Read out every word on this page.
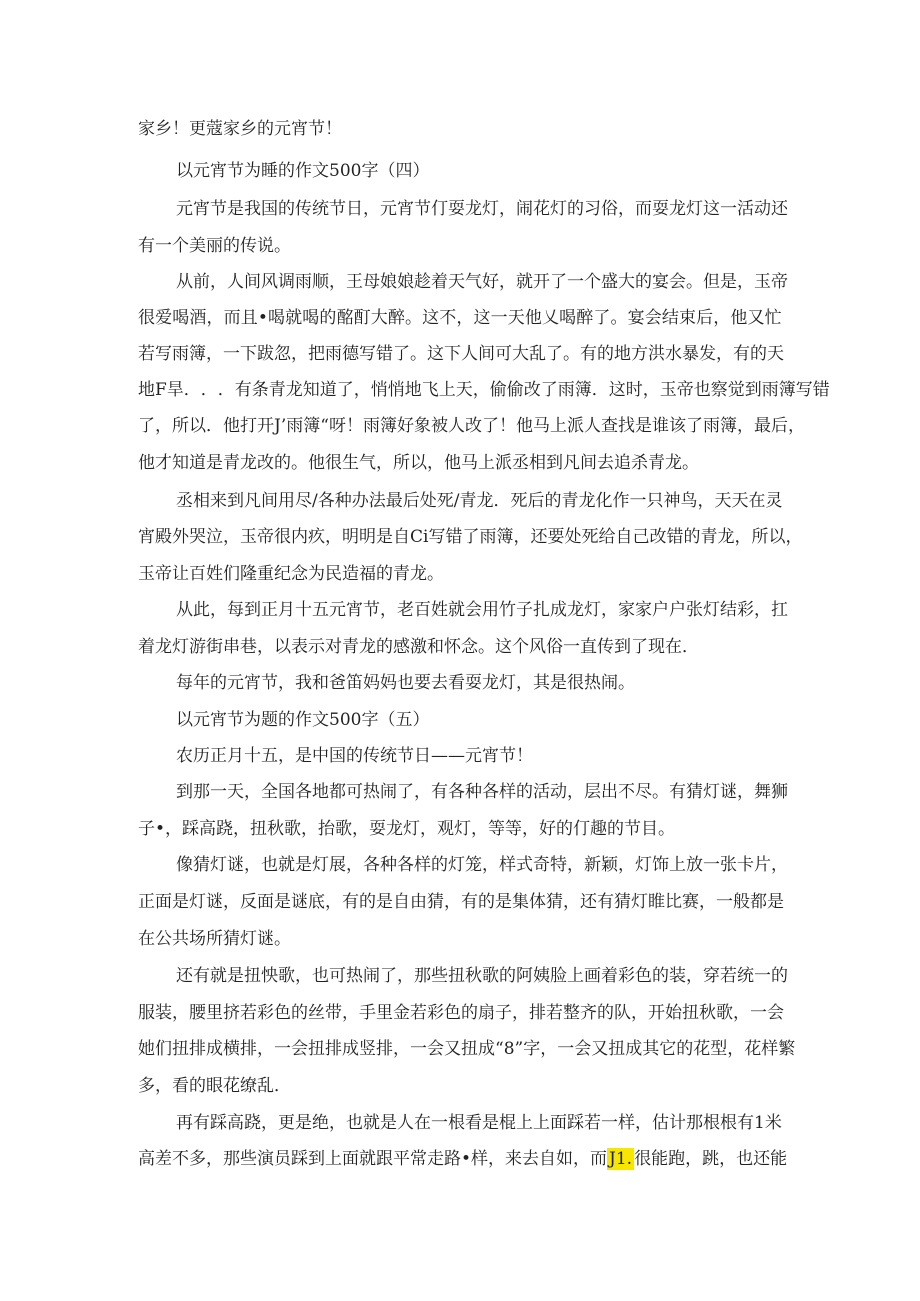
家乡！更蔻家乡的元宵节！
以元宵节为睡的作文500字（四）
元 宵 节 是 我 国 的 传 统 节 日 ， 元 宵 节 仃 耍 龙 灯 ， 闹 花 灯 的 习 俗 ， 而 耍 龙 灯 这 一 活 动 还
有一个美丽的传说。
从 前 ， 人 间 风 调 雨 顺 ， 王 母 娘 娘 趁 着 天 气 好 ， 就 开 了 一 个 盛 大 的 宴 会 。 但 是 ， 玉 帝
很 爱 喝 酒 ， 而 且 • 喝 就 喝 的 酩 酊 大 醉 。 这 不 ， 这 一 天 他 乂 喝 醉 了 。 宴 会 结 束 后 ， 他 又 忙
若 写 雨 簿 ， 一 下 跋 忽 ， 把 雨 德 写 错 了 。 这 下 人 间 可 大 乱 了 。 有 的 地 方 洪 水 暴 发 ， 有 的 天
地 F 旱 ． ． ． 有 条 青 龙 知 道 了 ， 悄 悄 地 飞 上 天 ， 偷 偷 改 了 雨 簿 ． 这 时 ， 玉 帝 也 察 觉 到 雨 簿 写 错
了 ， 所 以 ． 他 打 开 J ’ 雨 簿 “ 呀 ！ 雨 簿 好 象 被 人 改 了 ！ 他 马 上 派 人 查 找 是 谁 该 了 雨 簿 ， 最 后 ，
他才知道是青龙改的。他很生气，所以，他马上派丞相到凡间去追杀青龙。
丞 相 来 到 凡 间 用 尽 / 各 种 办 法 最 后 处 死 / 青 龙 ． 死 后 的 青 龙 化 作 一 只 神 鸟 ， 天 天 在 灵
宵 殿 外 哭 泣 ， 玉 帝 很 内 疚 ， 明 明 是 自 C i 写 错 了 雨 簿 ， 还 要 处 死 给 自 己 改 错 的 青 龙 ， 所 以 ，
玉帝让百姓们隆重纪念为民造福的青龙。
从 此 ， 每 到 正 月 十 五 元 宵 节 ， 老 百 姓 就 会 用 竹 子 扎 成 龙 灯 ， 家 家 户 户 张 灯 结 彩 ， 扛
着龙灯游街串巷，以表示对青龙的感激和怀念。这个风俗一直传到了现在．
每年的元宵节，我和爸笛妈妈也要去看耍龙灯，其是很热闹。
以元宵节为题的作文500字（五）
农历正月十五，是中国的传统节日——元宵节！
到 那 一 天 ， 全 国 各 地 都 可 热 闹 了 ， 有 各 种 各 样 的 活 动 ， 层 出 不 尽 。 有 猜 灯 谜 ， 舞 狮
子•，踩高跷，扭秋歌，抬歌，耍龙灯，观灯，等等，好的仃趣的节目。
像 猜 灯 谜 ， 也 就 是 灯 展 ， 各 种 各 样 的 灯 笼 ， 样 式 奇 特 ， 新 颖 ， 灯 饰 上 放 一 张 卡 片 ，
正 面 是 灯 谜 ， 反 面 是 谜 底 ， 有 的 是 自 由 猜 ， 有 的 是 集 体 猜 ， 还 有 猜 灯 睢 比 赛 ， 一 般 都 是
在公共场所猜灯谜。
还 有 就 是 扭 怏 歌 ， 也 可 热 闹 了 ， 那 些 扭 秋 歌 的 阿 姨 脸 上 画 着 彩 色 的 装 ， 穿 若 统 一 的
服 装 ， 腰 里 挤 若 彩 色 的 丝 带 ， 手 里 金 若 彩 色 的 扇 子 ， 排 若 整 齐 的 队 ， 开 始 扭 秋 歌 ， 一 会
她 们 扭 排 成 横 排 ， 一 会 扭 排 成 竖 排 ， 一 会 又 扭 成 “ 8 ” 字 ， 一 会 又 扭 成 其 它 的 花 型 ， 花 样 繁
多，看的眼花缭乱．
再 有 踩 高 跷 ， 更 是 绝 ， 也 就 是 人 在 一 根 看 是 棍 上 上 面 踩 若 一 样 ， 估 计 那 根 根 有 1 米
高差不多，那些演员踩到上面就跟平常走路•样，来去自如，而 J1. 很能跑，跳，也还能
